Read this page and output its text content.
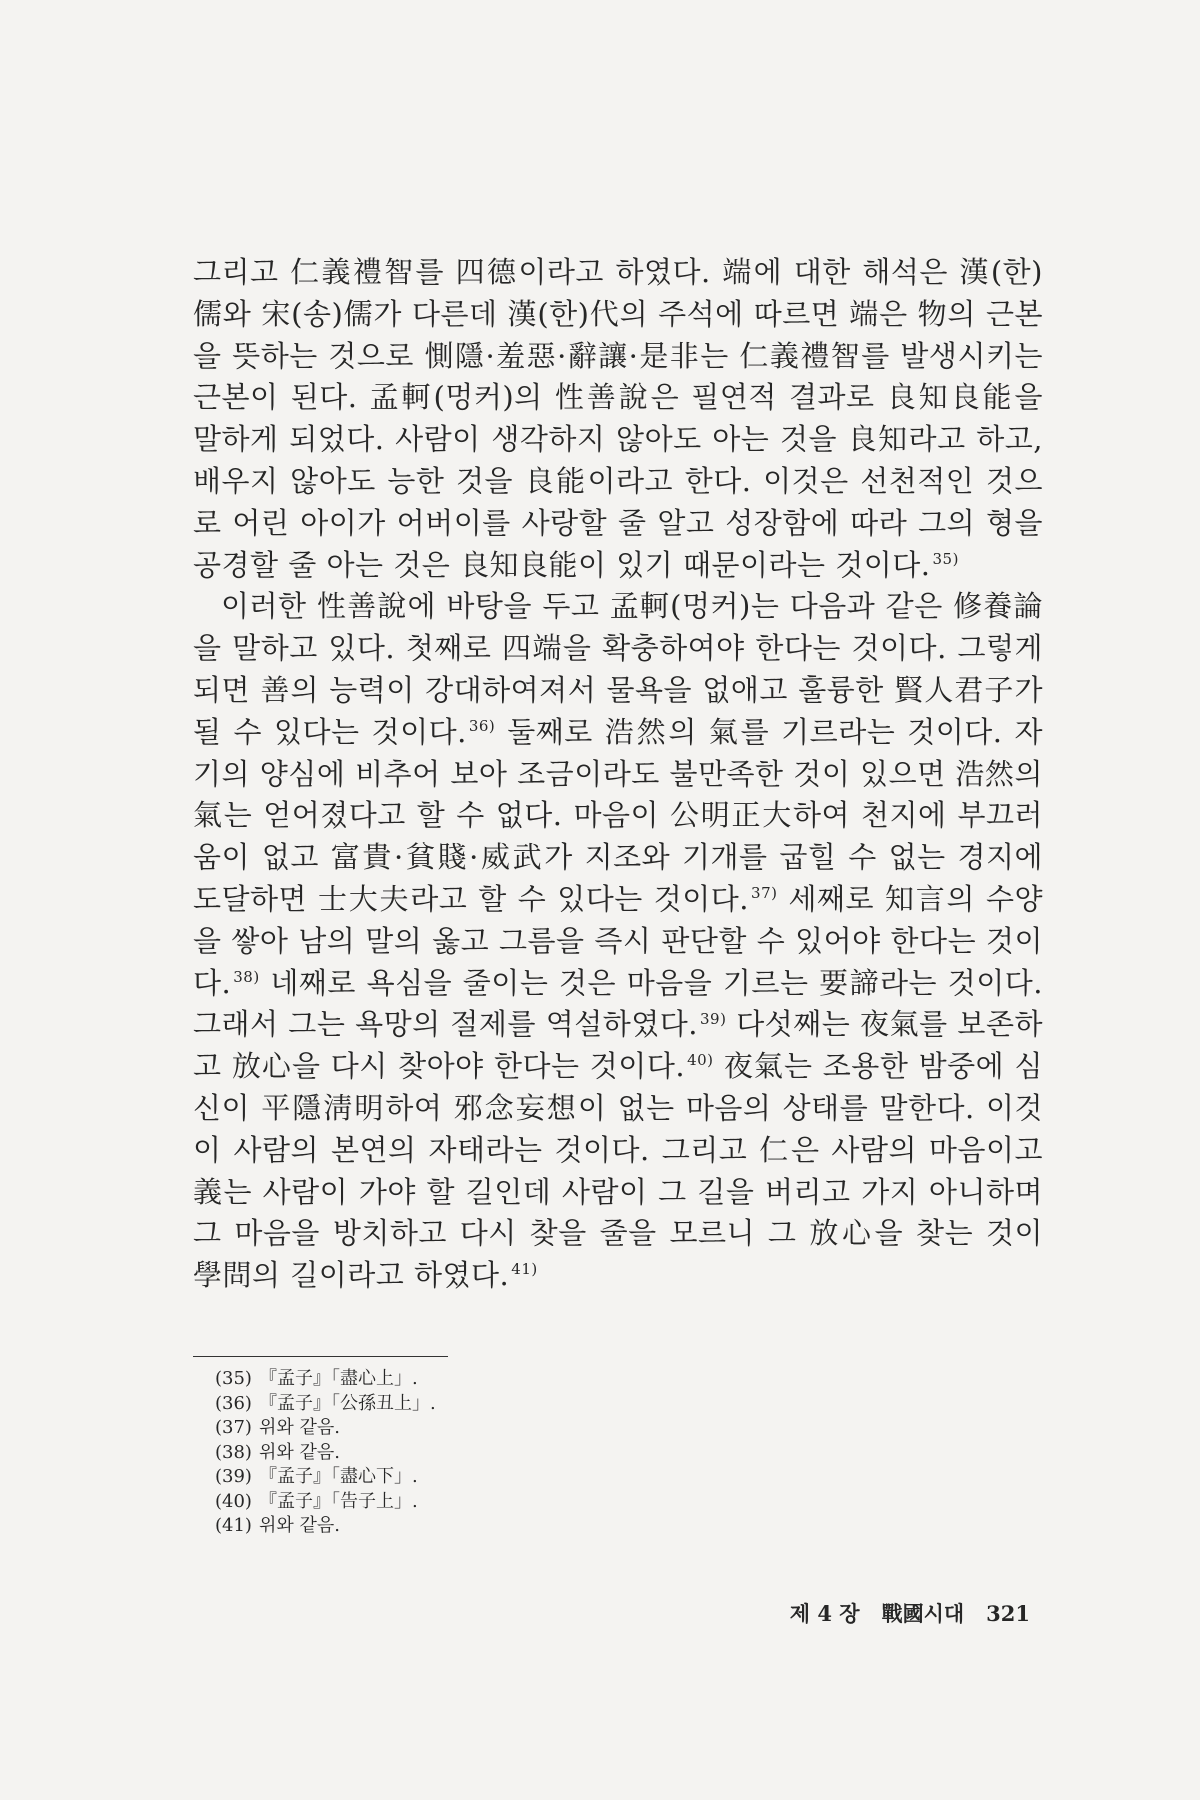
그리고 仁義禮智를 四德이라고 하였다. 端에 대한 해석은 漢(한)儒와 宋(송)儒가 다른데 漢(한)代의 주석에 따르면 端은 物의 근본을 뜻하는 것으로 惻隱·羞惡·辭讓·是非는 仁義禮智를 발생시키는 근본이 된다. 孟軻(멍커)의 性善說은 필연적 결과로 良知良能을 말하게 되었다. 사람이 생각하지 않아도 아는 것을 良知라고 하고, 배우지 않아도 능한 것을 良能이라고 한다. 이것은 선천적인 것으로 어린 아이가 어버이를 사랑할 줄 알고 성장함에 따라 그의 형을 공경할 줄 아는 것은 良知良能이 있기 때문이라는 것이다. $^{35)}$

이러한 性善說에 바탕을 두고 孟軻(멍커)는 다음과 같은 修養論을 말하고 있다. 첫째로 四端을 확충하여야 한다는 것이다. 그렇게 되면 善의 능력이 강대하여져서 물욕을 없애고 훌륭한 賢人君子가 될 수 있다는 것이다. $^{36)}$ 둘째로 浩然의 氣를 기르라는 것이다. 자기의 양심에 비추어 보아 조금이라도 불만족한 것이 있으면 浩然의 氣는 얻어졌다고 할 수 없다. 마음이 公明正大하여 천지에 부끄러움이 없고 富貴·貧賤·威武가 지조와 기개를 굽힐 수 없는 경지에 도달하면 士大夫라고 할 수 있다는 것이다. $^{37)}$ 세째로 知言의 수양을 쌓아 남의 말의 옳고 그름을 즉시 판단할 수 있어야 한다는 것이다. $^{38)}$ 네째로 욕심을 줄이는 것은 마음을 기르는 要諦라는 것이다. 그래서 그는 욕망의 절제를 역설하였다. $^{39)}$ 다섯째는 夜氣를 보존하고 放心을 다시 찾아야 한다는 것이다. $^{40)}$ 夜氣는 조용한 밤중에 심신이 平隱淸明하여 邪念妄想이 없는 마음의 상태를 말한다. 이것이 사람의 본연의 자태라는 것이다. 그리고 仁은 사람의 마음이고 義는 사람이 가야 할 길인데 사람이 그 길을 버리고 가지 아니하며 그 마음을 방치하고 다시 찾을 줄을 모르니 그 放心을 찾는 것이 學問의 길이라고 하였다. $^{41)}$

(35) 『孟子』「盡心上」.
(36) 『孟子』「公孫丑上」.
(37) 위와 같음.
(38) 위와 같음.
(39) 『孟子』「盡心下」.
(40) 『孟子』「告子上」.
(41) 위와 같음.
제 4 장 戰國시대 321
